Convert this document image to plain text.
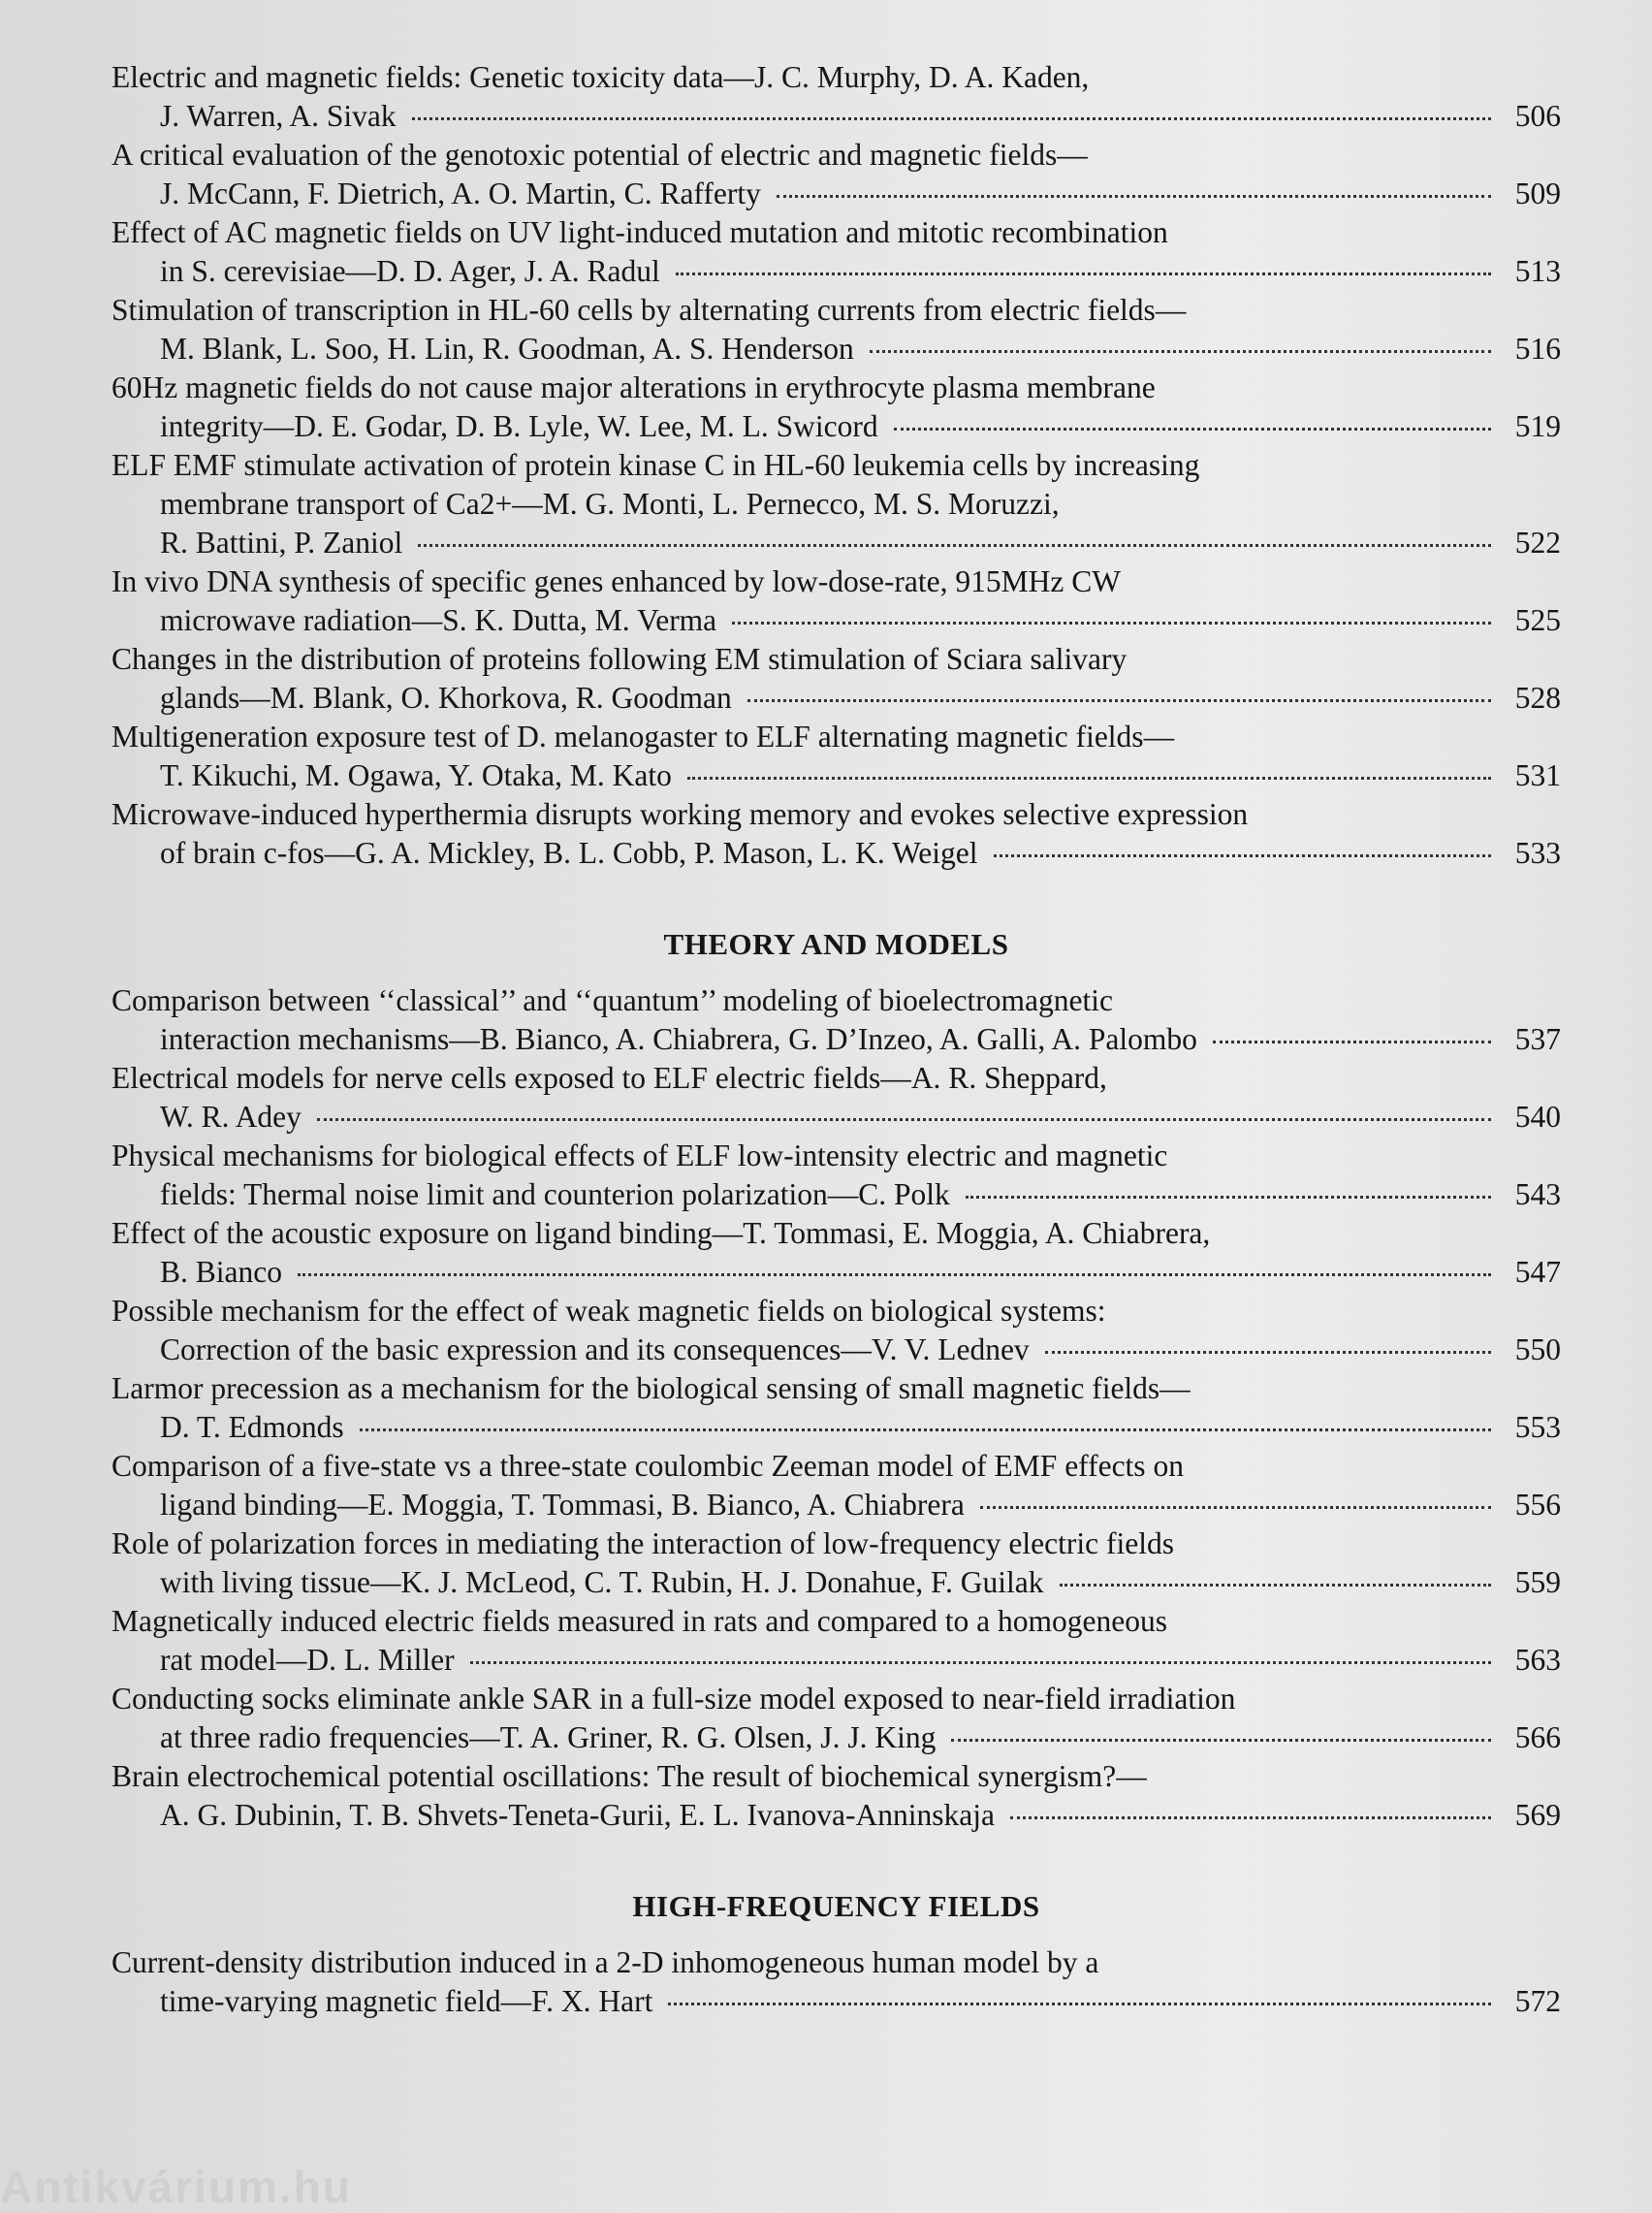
Electric and magnetic fields: Genetic toxicity data—J. C. Murphy, D. A. Kaden,
J. Warren, A. Sivak	506
A critical evaluation of the genotoxic potential of electric and magnetic fields—
J. McCann, F. Dietrich, A. O. Martin, C. Rafferty	509
Effect of AC magnetic fields on UV light-induced mutation and mitotic recombination
in S. cerevisiae—D. D. Ager, J. A. Radul	513
Stimulation of transcription in HL-60 cells by alternating currents from electric fields—
M. Blank, L. Soo, H. Lin, R. Goodman, A. S. Henderson	516
60Hz magnetic fields do not cause major alterations in erythrocyte plasma membrane
integrity—D. E. Godar, D. B. Lyle, W. Lee, M. L. Swicord	519
ELF EMF stimulate activation of protein kinase C in HL-60 leukemia cells by increasing
membrane transport of Ca2+—M. G. Monti, L. Pernecco, M. S. Moruzzi,
R. Battini, P. Zaniol	522
In vivo DNA synthesis of specific genes enhanced by low-dose-rate, 915MHz CW
microwave radiation—S. K. Dutta, M. Verma	525
Changes in the distribution of proteins following EM stimulation of Sciara salivary
glands—M. Blank, O. Khorkova, R. Goodman	528
Multigeneration exposure test of D. melanogaster to ELF alternating magnetic fields—
T. Kikuchi, M. Ogawa, Y. Otaka, M. Kato	531
Microwave-induced hyperthermia disrupts working memory and evokes selective expression
of brain c-fos—G. A. Mickley, B. L. Cobb, P. Mason, L. K. Weigel	533
THEORY AND MODELS
Comparison between ‘‘classical’’ and ‘‘quantum’’ modeling of bioelectromagnetic
interaction mechanisms—B. Bianco, A. Chiabrera, G. D’Inzeo, A. Galli, A. Palombo	537
Electrical models for nerve cells exposed to ELF electric fields—A. R. Sheppard,
W. R. Adey	540
Physical mechanisms for biological effects of ELF low-intensity electric and magnetic
fields: Thermal noise limit and counterion polarization—C. Polk	543
Effect of the acoustic exposure on ligand binding—T. Tommasi, E. Moggia, A. Chiabrera,
B. Bianco	547
Possible mechanism for the effect of weak magnetic fields on biological systems:
Correction of the basic expression and its consequences—V. V. Lednev	550
Larmor precession as a mechanism for the biological sensing of small magnetic fields—
D. T. Edmonds	553
Comparison of a five-state vs a three-state coulombic Zeeman model of EMF effects on
ligand binding—E. Moggia, T. Tommasi, B. Bianco, A. Chiabrera	556
Role of polarization forces in mediating the interaction of low-frequency electric fields
with living tissue—K. J. McLeod, C. T. Rubin, H. J. Donahue, F. Guilak	559
Magnetically induced electric fields measured in rats and compared to a homogeneous
rat model—D. L. Miller	563
Conducting socks eliminate ankle SAR in a full-size model exposed to near-field irradiation
at three radio frequencies—T. A. Griner, R. G. Olsen, J. J. King	566
Brain electrochemical potential oscillations: The result of biochemical synergism?—
A. G. Dubinin, T. B. Shvets-Teneta-Gurii, E. L. Ivanova-Anninskaja	569
HIGH-FREQUENCY FIELDS
Current-density distribution induced in a 2-D inhomogeneous human model by a
time-varying magnetic field—F. X. Hart	572
Antikvárium.hu
